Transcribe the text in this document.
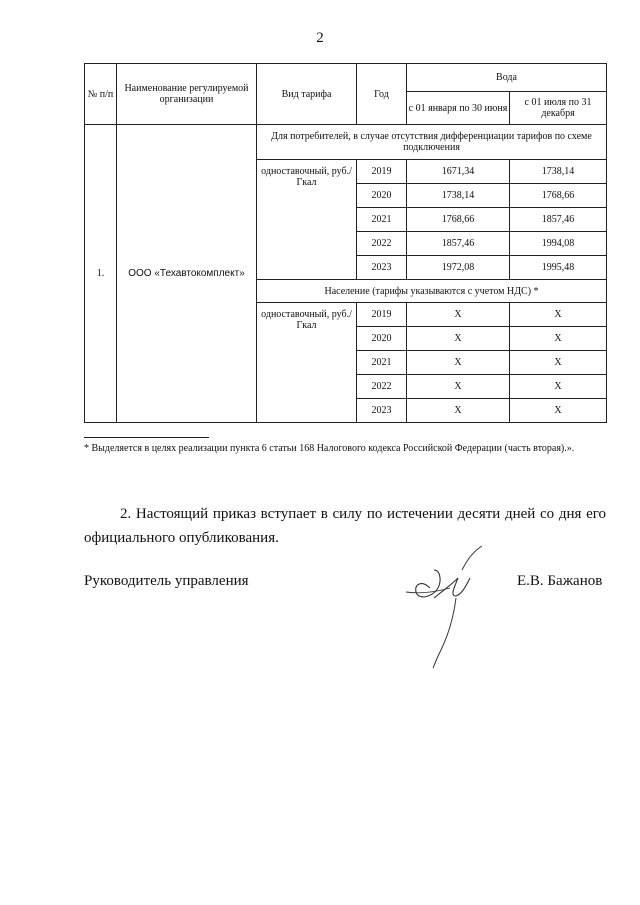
2
№ п/п	Наименование регулируемой организации	Вид тарифа	Год	Вода	
				с 01 января по 30 июня	с 01 июля по 31 декабря
1.	ООО «Техавтокомплект»	Для потребителей, в случае отсутствия дифференциации тарифов по схеме подключения			
		одноставочный, руб./Гкал	2019	1671,34	1738,14
			2020	1738,14	1768,66
			2021	1768,66	1857,46
			2022	1857,46	1994,08
			2023	1972,08	1995,48
		Население (тарифы указываются с учетом НДС) *			
		одноставочный, руб./Гкал	2019	Х	Х
			2020	Х	Х
			2021	Х	Х
			2022	Х	Х
			2023	Х	Х
* Выделяется в целях реализации пункта 6 статьи 168 Налогового кодекса Российской Федерации (часть вторая).».
2. Настоящий приказ вступает в силу по истечении десяти дней со дня его официального опубликования.
Руководитель управления	Е.В. Бажанов
